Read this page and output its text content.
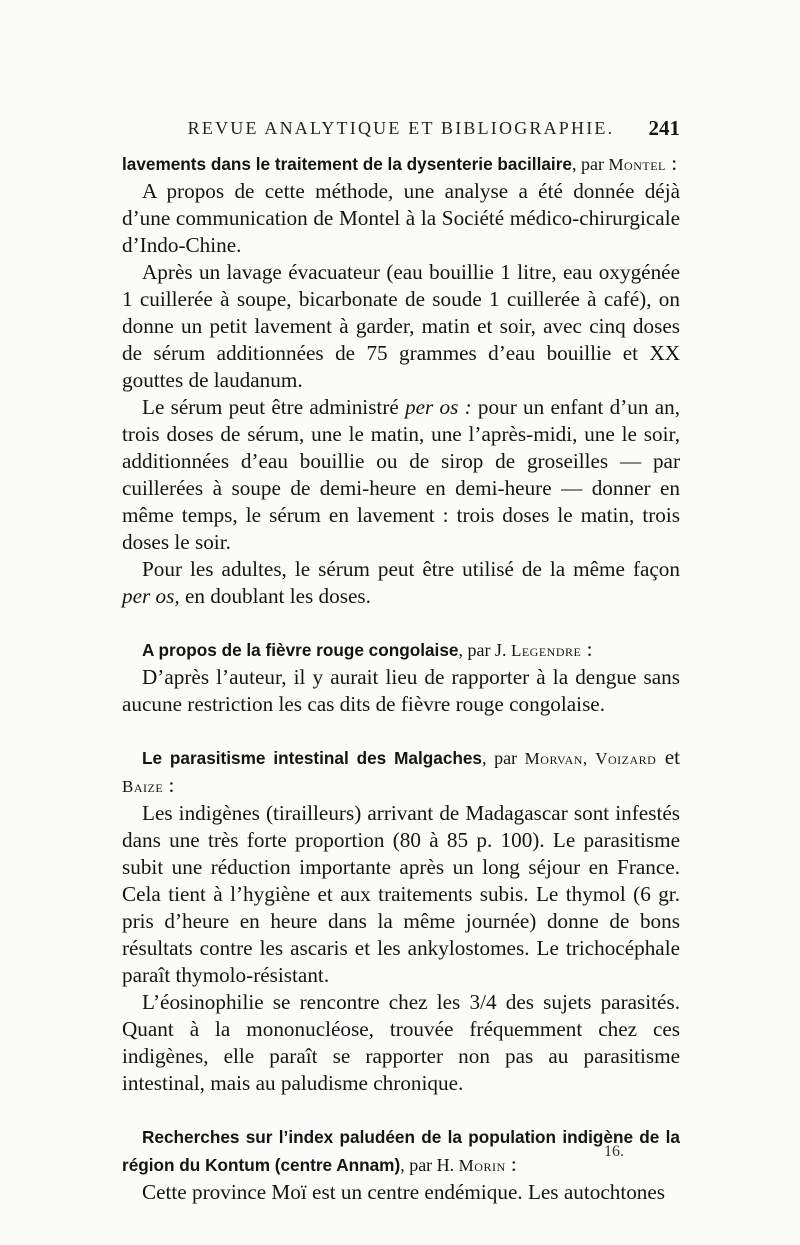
REVUE ANALYTIQUE ET BIBLIOGRAPHIE.	241

lavements dans le traitement de la dysenterie bacillaire, par Montel :

A propos de cette méthode, une analyse a été donnée déjà d’une communication de Montel à la Société médico-chirurgicale d’Indo-Chine.

Après un lavage évacuateur (eau bouillie 1 litre, eau oxygénée 1 cuillerée à soupe, bicarbonate de soude 1 cuillerée à café), on donne un petit lavement à garder, matin et soir, avec cinq doses de sérum additionnées de 75 grammes d’eau bouillie et XX gouttes de laudanum.

Le sérum peut être administré per os : pour un enfant d’un an, trois doses de sérum, une le matin, une l’après-midi, une le soir, additionnées d’eau bouillie ou de sirop de groseilles — par cuillerées à soupe de demi-heure en demi-heure — donner en même temps, le sérum en lavement : trois doses le matin, trois doses le soir.

Pour les adultes, le sérum peut être utilisé de la même façon per os, en doublant les doses.

A propos de la fièvre rouge congolaise, par J. Legendre :

D’après l’auteur, il y aurait lieu de rapporter à la dengue sans aucune restriction les cas dits de fièvre rouge congolaise.

Le parasitisme intestinal des Malgaches, par Morvan, Voizard et Baize :

Les indigènes (tirailleurs) arrivant de Madagascar sont infestés dans une très forte proportion (80 à 85 p. 100). Le parasitisme subit une réduction importante après un long séjour en France. Cela tient à l’hygiène et aux traitements subis. Le thymol (6 gr. pris d’heure en heure dans la même journée) donne de bons résultats contre les ascaris et les ankylostomes. Le trichocéphale paraît thymolo-résistant.

L’éosinophilie se rencontre chez les 3/4 des sujets parasités. Quant à la mononucléose, trouvée fréquemment chez ces indigènes, elle paraît se rapporter non pas au parasitisme intestinal, mais au paludisme chronique.

Recherches sur l’index paludéen de la population indigène de la région du Kontum (centre Annam), par H. Morin :

Cette province Moï est un centre endémique. Les autochtones

16.
